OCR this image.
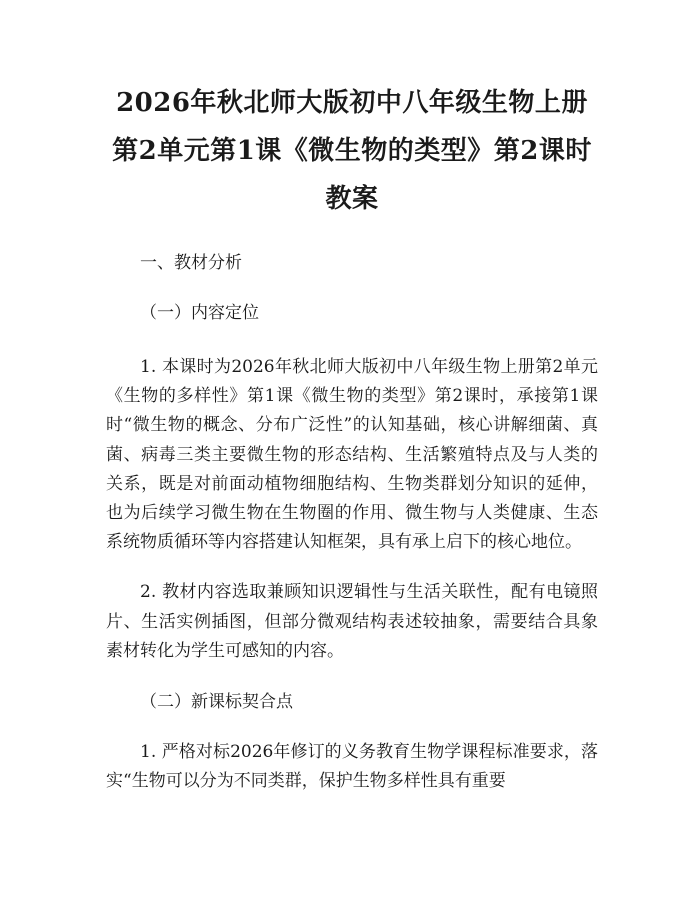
2026年秋北师大版初中八年级生物上册第2单元第1课《微生物的类型》第2课时教案

一、教材分析

（一）内容定位

1. 本课时为2026年秋北师大版初中八年级生物上册第2单元《生物的多样性》第1课《微生物的类型》第2课时，承接第1课时“微生物的概念、分布广泛性”的认知基础，核心讲解细菌、真菌、病毒三类主要微生物的形态结构、生活繁殖特点及与人类的关系，既是对前面动植物细胞结构、生物类群划分知识的延伸，也为后续学习微生物在生物圈的作用、微生物与人类健康、生态系统物质循环等内容搭建认知框架，具有承上启下的核心地位。

2. 教材内容选取兼顾知识逻辑性与生活关联性，配有电镜照片、生活实例插图，但部分微观结构表述较抽象，需要结合具象素材转化为学生可感知的内容。

（二）新课标契合点

1. 严格对标2026年修订的义务教育生物学课程标准要求，落实“生物可以分为不同类群，保护生物多样性具有重要
